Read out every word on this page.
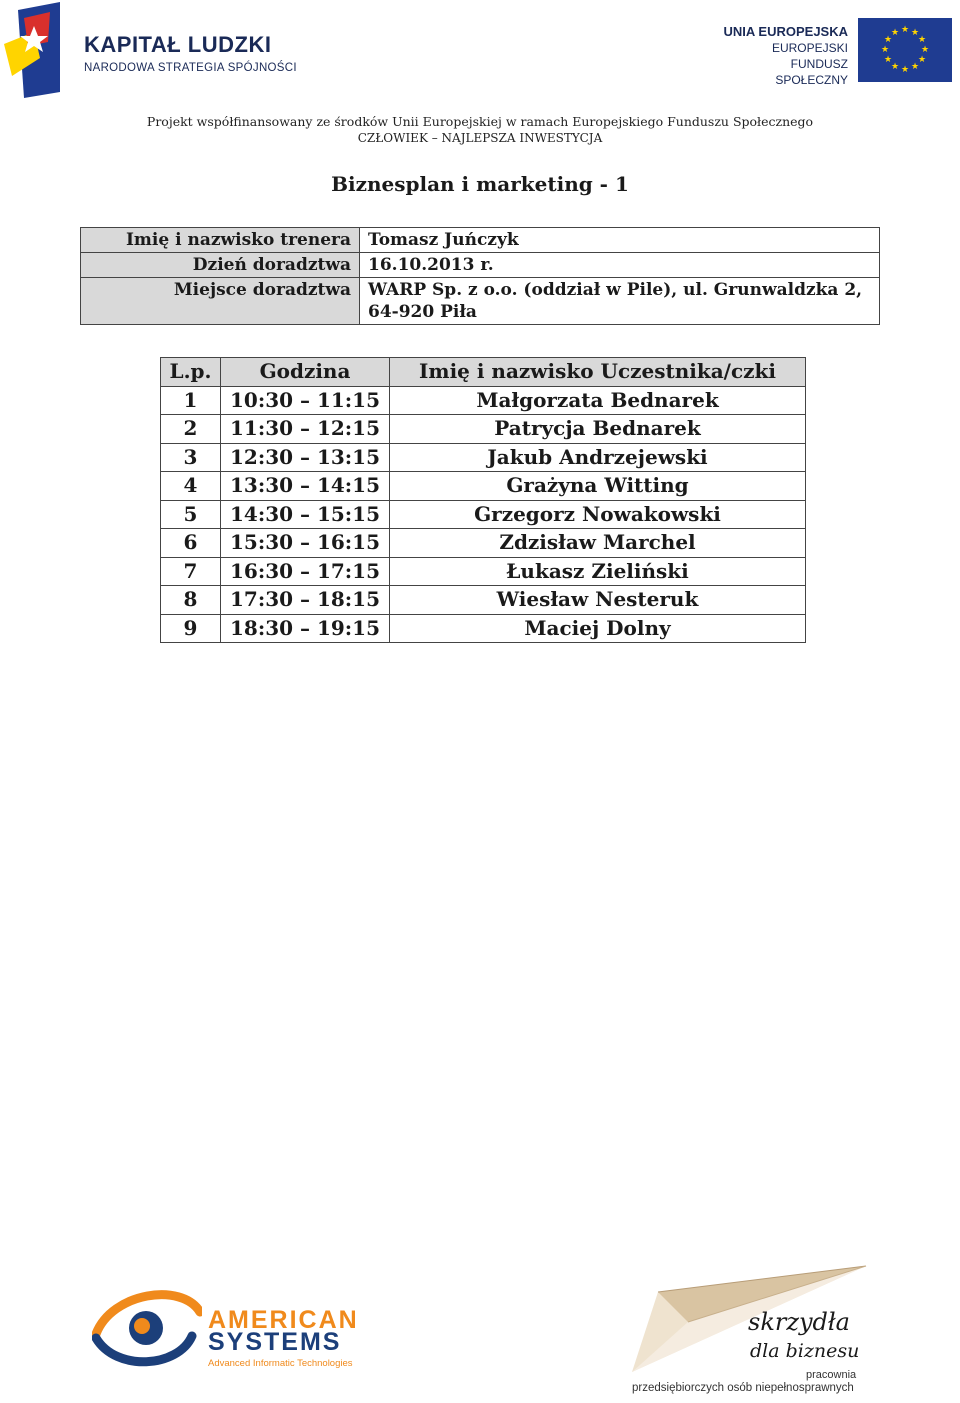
KAPITAŁ LUDZKI
NARODOWA STRATEGIA SPÓJNOŚCI
UNIA EUROPEJSKA
EUROPEJSKI
FUNDUSZ SPOŁECZNY
★ ★
★
★
★
★
★
★
★
★
★
★
Projekt współfinansowany ze środków Unii Europejskiej w ramach Europejskiego Funduszu Społecznego
CZŁOWIEK – NAJLEPSZA INWESTYCJA
Biznesplan i marketing - 1
Imię i nazwisko trenera	Tomasz Juńczyk
Dzień doradztwa	16.10.2013 r.
Miejsce doradztwa	WARP Sp. z o.o. (oddział w Pile), ul. Grunwaldzka 2,
64-920 Piła
L.p.	Godzina	Imię i nazwisko Uczestnika/czki
1	10:30 – 11:15	Małgorzata Bednarek
2	11:30 – 12:15	Patrycja Bednarek
3	12:30 – 13:15	Jakub Andrzejewski
4	13:30 – 14:15	Grażyna Witting
5	14:30 – 15:15	Grzegorz Nowakowski
6	15:30 – 16:15	Zdzisław Marchel
7	16:30 – 17:15	Łukasz Zieliński
8	17:30 – 18:15	Wiesław Nesteruk
9	18:30 – 19:15	Maciej Dolny
AMERICAN
SYSTEMS
Advanced Informatic Technologies
skrzydła
dla biznesu
pracownia
przedsiębiorczych osób niepełnosprawnych
